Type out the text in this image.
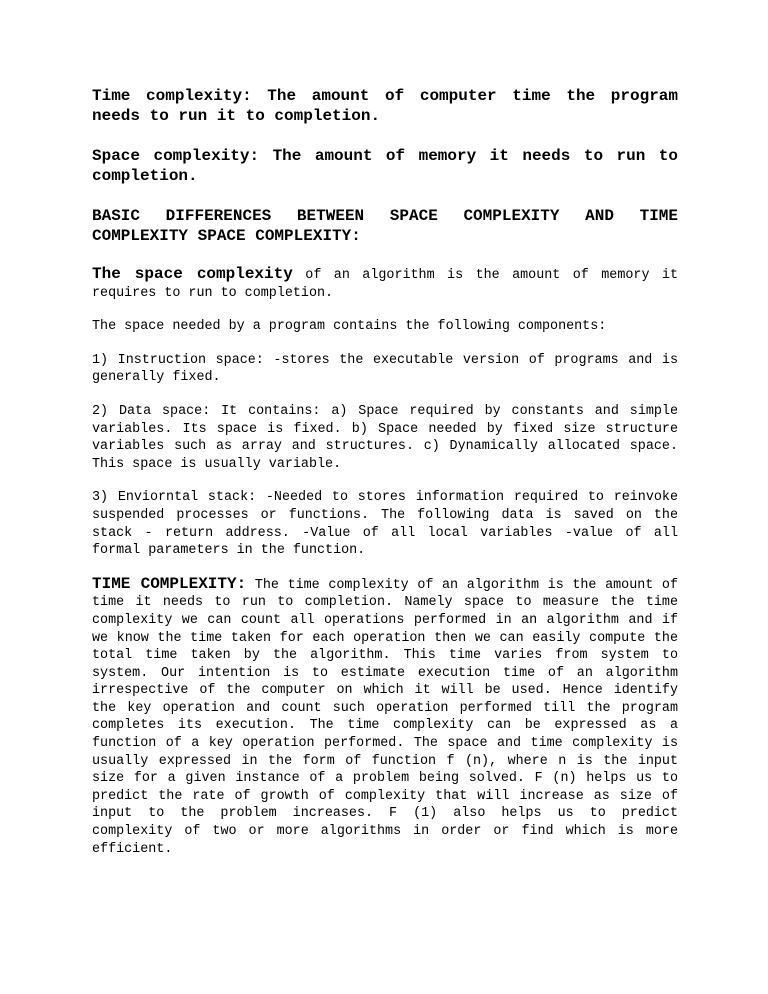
Time complexity: The amount of computer time the program needs to run it to completion.

Space complexity: The amount of memory it needs to run to completion.

BASIC DIFFERENCES BETWEEN SPACE COMPLEXITY AND TIME COMPLEXITY SPACE COMPLEXITY:

The space complexity of an algorithm is the amount of memory it requires to run to completion.

The space needed by a program contains the following components:

1) Instruction space: -stores the executable version of programs and is generally fixed.

2) Data space: It contains: a) Space required by constants and simple variables. Its space is fixed. b) Space needed by fixed size structure variables such as array and structures. c) Dynamically allocated space. This space is usually variable.

3) Enviorntal stack: -Needed to stores information required to reinvoke suspended processes or functions. The following data is saved on the stack - return address. -Value of all local variables -value of all formal parameters in the function.

TIME COMPLEXITY: The time complexity of an algorithm is the amount of time it needs to run to completion. Namely space to measure the time complexity we can count all operations performed in an algorithm and if we know the time taken for each operation then we can easily compute the total time taken by the algorithm. This time varies from system to system. Our intention is to estimate execution time of an algorithm irrespective of the computer on which it will be used. Hence identify the key operation and count such operation performed till the program completes its execution. The time complexity can be expressed as a function of a key operation performed. The space and time complexity is usually expressed in the form of function f (n), where n is the input size for a given instance of a problem being solved. F (n) helps us to predict the rate of growth of complexity that will increase as size of input to the problem increases. F (1) also helps us to predict complexity of two or more algorithms in order or find which is more efficient.
